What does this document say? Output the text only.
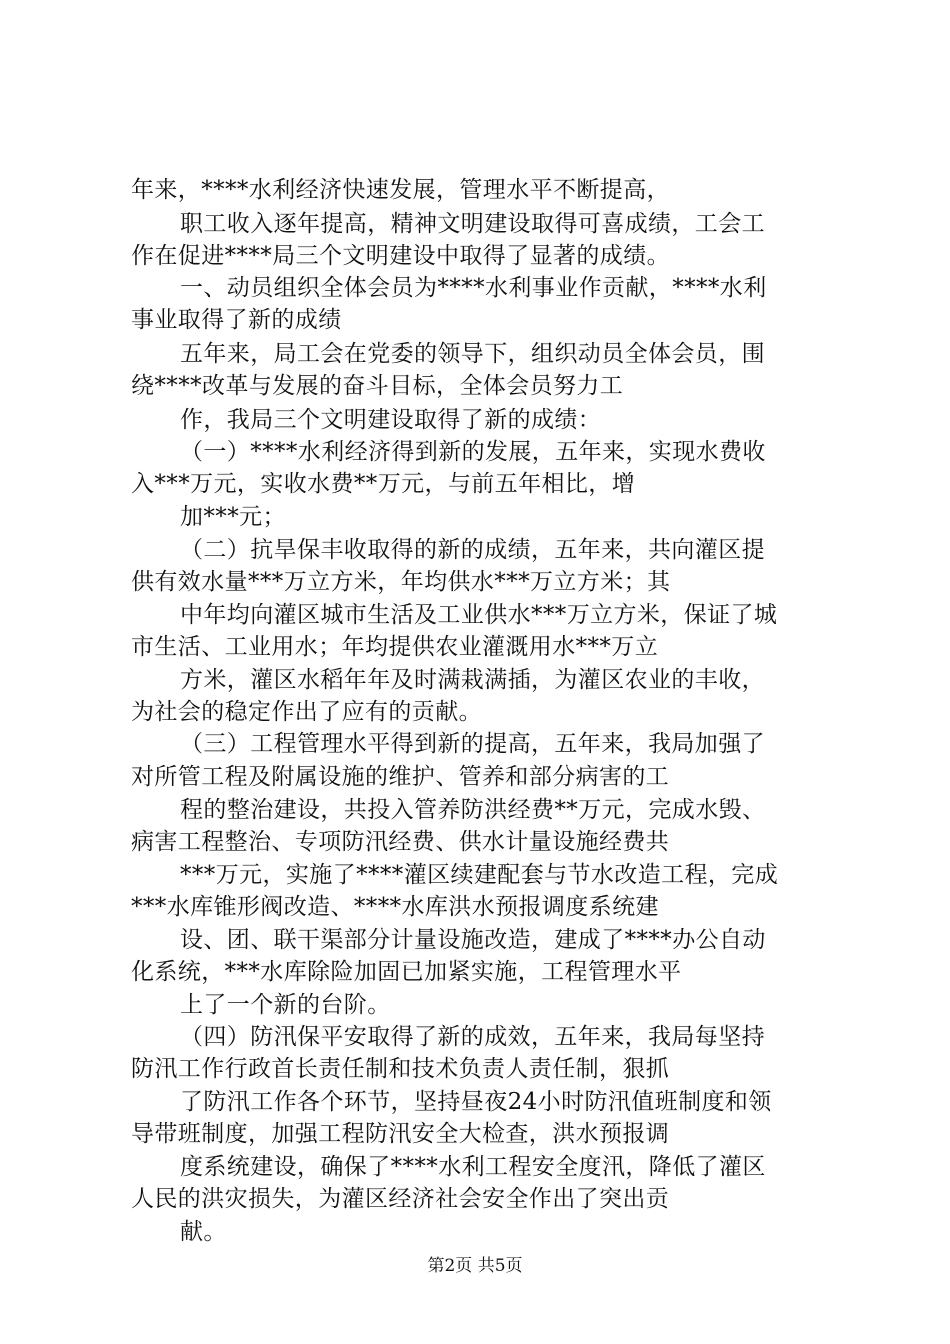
年来，****水利经济快速发展，管理水平不断提高，

职工收入逐年提高，精神文明建设取得可喜成绩，工会工

作在促进****局三个文明建设中取得了显著的成绩。

一、动员组织全体会员为****水利事业作贡献，****水利

事业取得了新的成绩

五年来，局工会在党委的领导下，组织动员全体会员，围

绕****改革与发展的奋斗目标，全体会员努力工

作，我局三个文明建设取得了新的成绩：

（一）****水利经济得到新的发展，五年来，实现水费收

入***万元，实收水费**万元，与前五年相比，增

加***元；

（二）抗旱保丰收取得的新的成绩，五年来，共向灌区提

供有效水量***万立方米，年均供水***万立方米；其

中年均向灌区城市生活及工业供水***万立方米，保证了城

市生活、工业用水；年均提供农业灌溉用水***万立

方米，灌区水稻年年及时满栽满插，为灌区农业的丰收，

为社会的稳定作出了应有的贡献。

（三）工程管理水平得到新的提高，五年来，我局加强了

对所管工程及附属设施的维护、管养和部分病害的工

程的整治建设，共投入管养防洪经费**万元，完成水毁、

病害工程整治、专项防汛经费、供水计量设施经费共

***万元，实施了****灌区续建配套与节水改造工程，完成

***水库锥形阀改造、****水库洪水预报调度系统建

设、团、联干渠部分计量设施改造，建成了****办公自动

化系统，***水库除险加固已加紧实施，工程管理水平

上了一个新的台阶。

（四）防汛保平安取得了新的成效，五年来，我局每坚持

防汛工作行政首长责任制和技术负责人责任制，狠抓

了防汛工作各个环节，坚持昼夜24小时防汛值班制度和领

导带班制度，加强工程防汛安全大检查，洪水预报调

度系统建设，确保了****水利工程安全度汛，降低了灌区

人民的洪灾损失，为灌区经济社会安全作出了突出贡

献。

第2页 共5页
